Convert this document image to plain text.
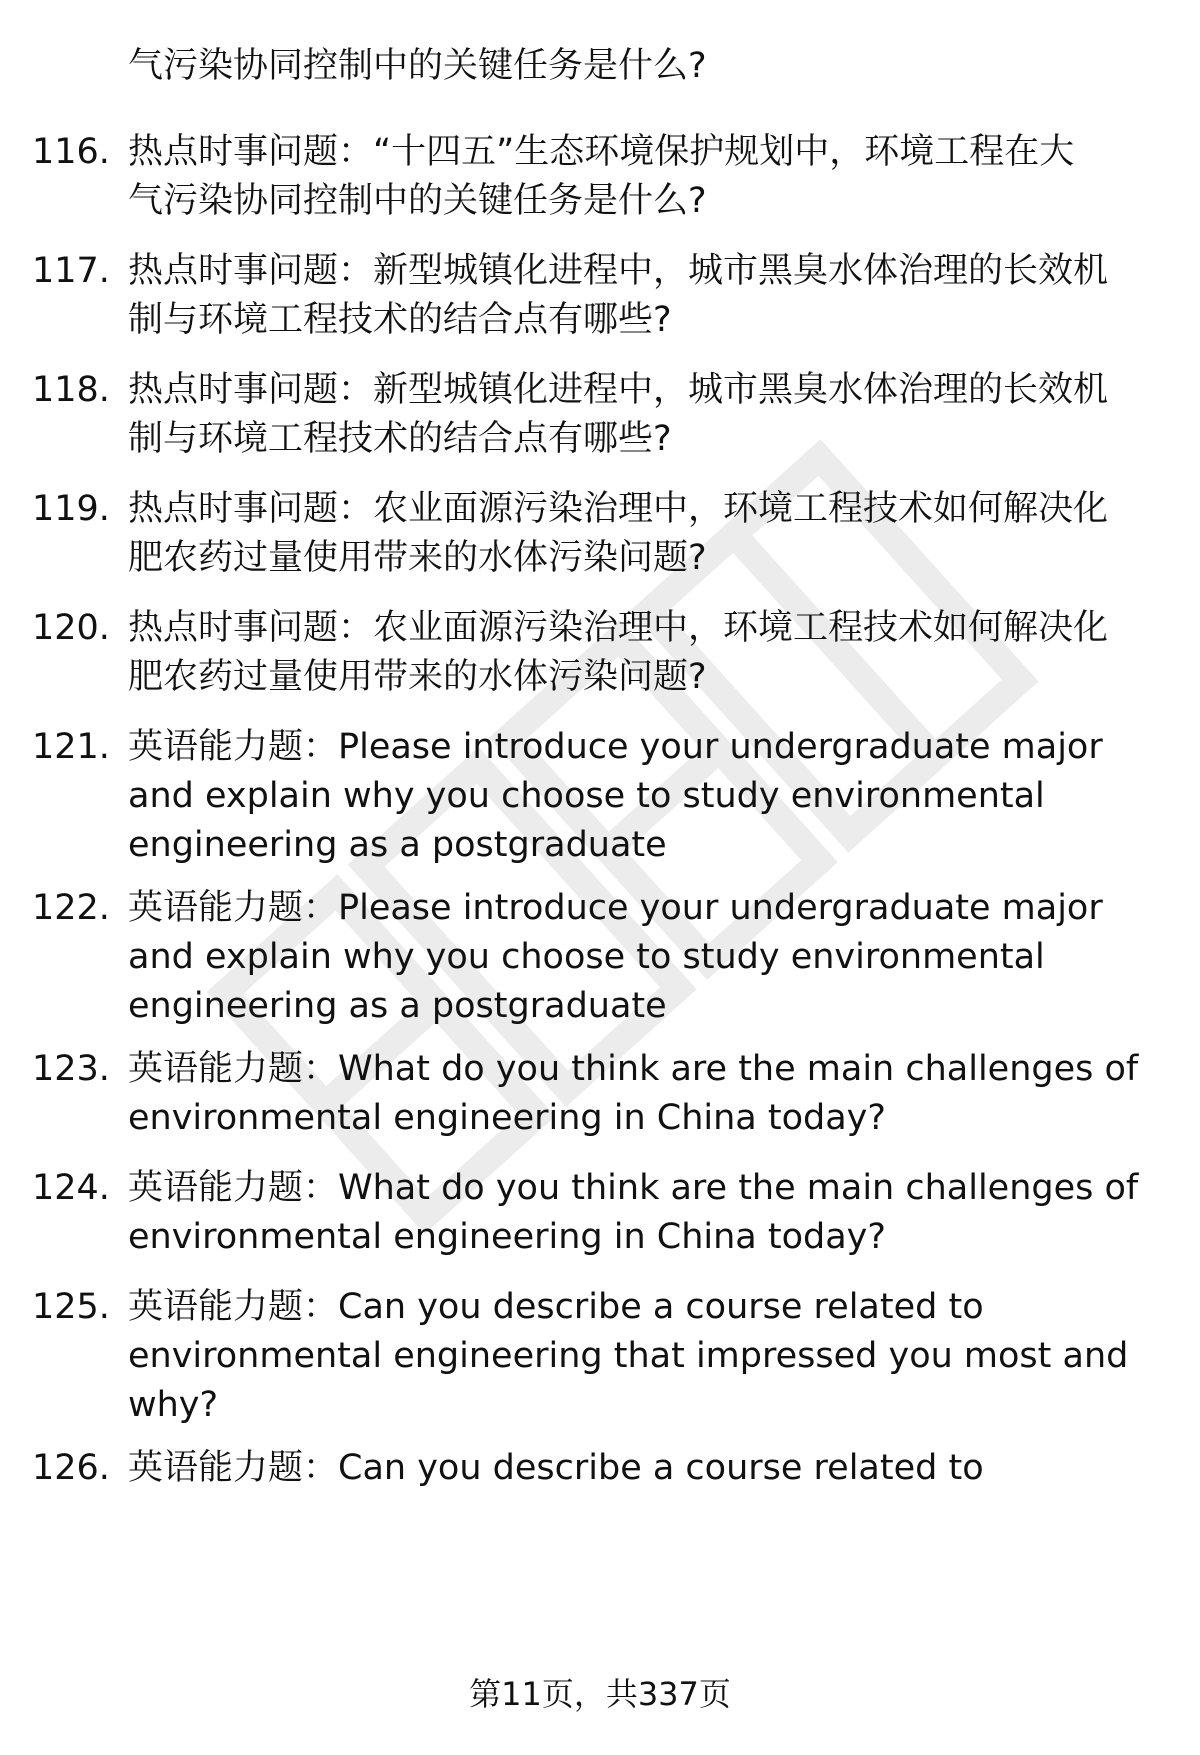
气污染协同控制中的关键任务是什么?
116. 热点时事问题：“十四五”生态环境保护规划中，环境工程在大
气污染协同控制中的关键任务是什么?
117. 热点时事问题：新型城镇化进程中，城市黑臭水体治理的长效机
制与环境工程技术的结合点有哪些?
118. 热点时事问题：新型城镇化进程中，城市黑臭水体治理的长效机
制与环境工程技术的结合点有哪些?
119. 热点时事问题：农业面源污染治理中，环境工程技术如何解决化
肥农药过量使用带来的水体污染问题?
120. 热点时事问题：农业面源污染治理中，环境工程技术如何解决化
肥农药过量使用带来的水体污染问题?
121. 英语能力题：Please introduce your undergraduate major
and explain why you choose to study environmental
engineering as a postgraduate
122. 英语能力题：Please introduce your undergraduate major
and explain why you choose to study environmental
engineering as a postgraduate
123. 英语能力题：What do you think are the main challenges of
environmental engineering in China today?
124. 英语能力题：What do you think are the main challenges of
environmental engineering in China today?
125. 英语能力题：Can you describe a course related to
environmental engineering that impressed you most and
why?
126. 英语能力题：Can you describe a course related to
第11页，共337页
